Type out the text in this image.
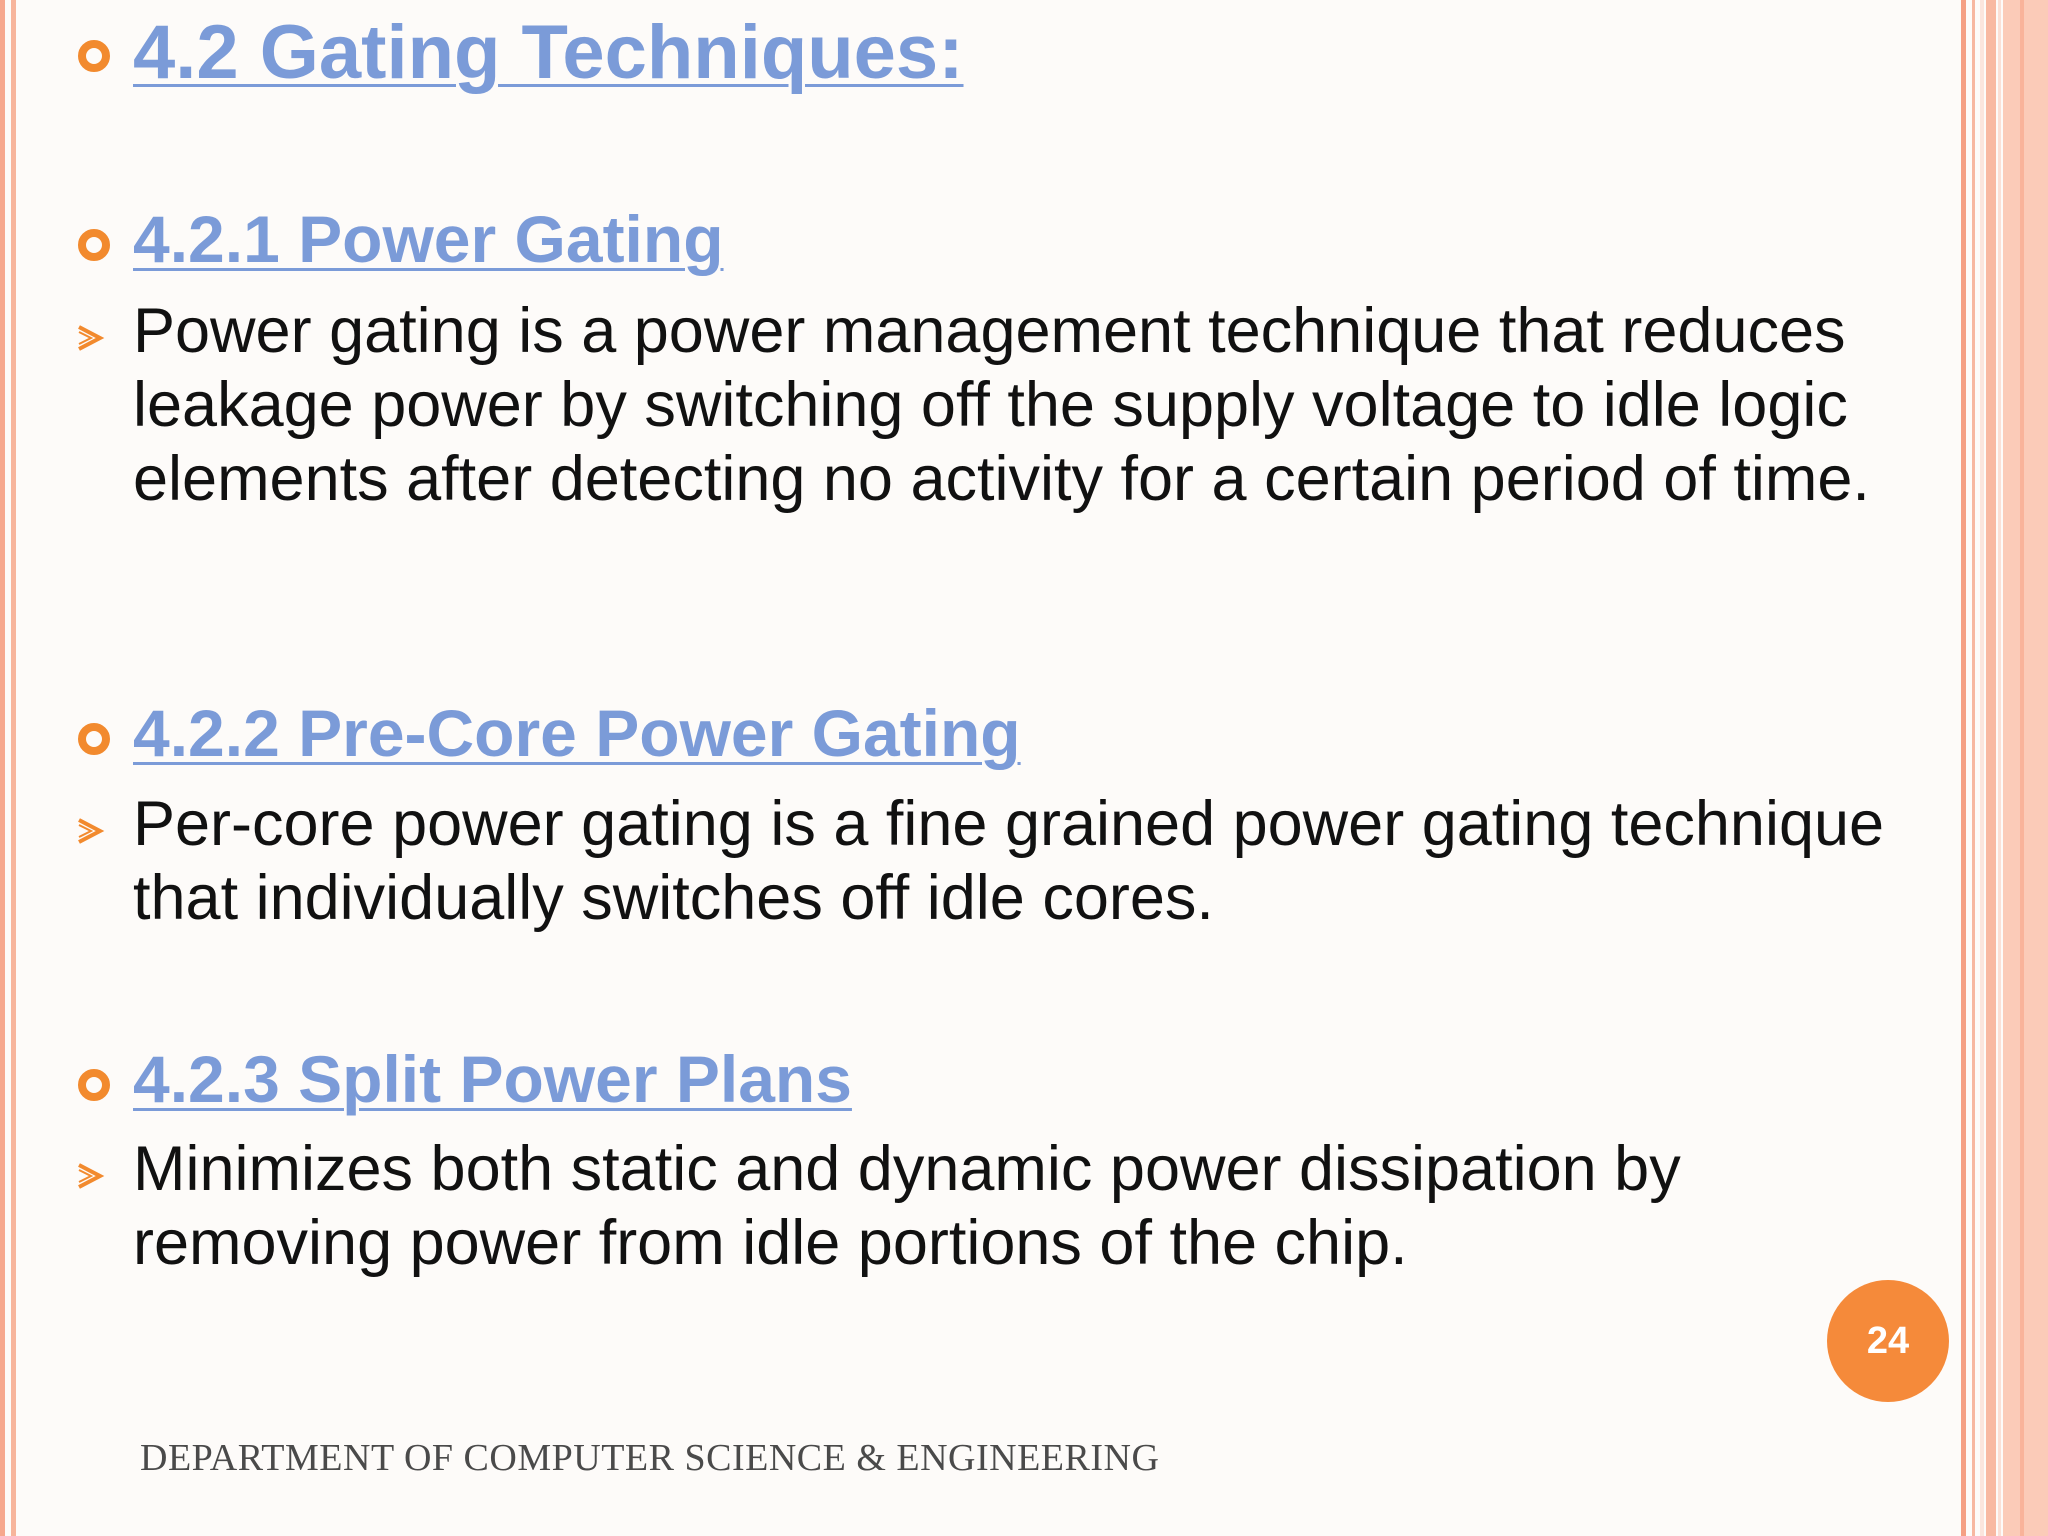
4.2 Gating Techniques:
4.2.1 Power Gating
Power gating is a power management technique that reduces leakage power by switching off the supply voltage to idle logic elements after detecting no activity for a certain period of time.
4.2.2 Pre-Core Power Gating
Per-core power gating is a fine grained power gating technique that individually switches off idle cores.
4.2.3 Split Power Plans
Minimizes both static and dynamic power dissipation by removing power from idle portions of the chip.
24
DEPARTMENT OF COMPUTER SCIENCE & ENGINEERING
